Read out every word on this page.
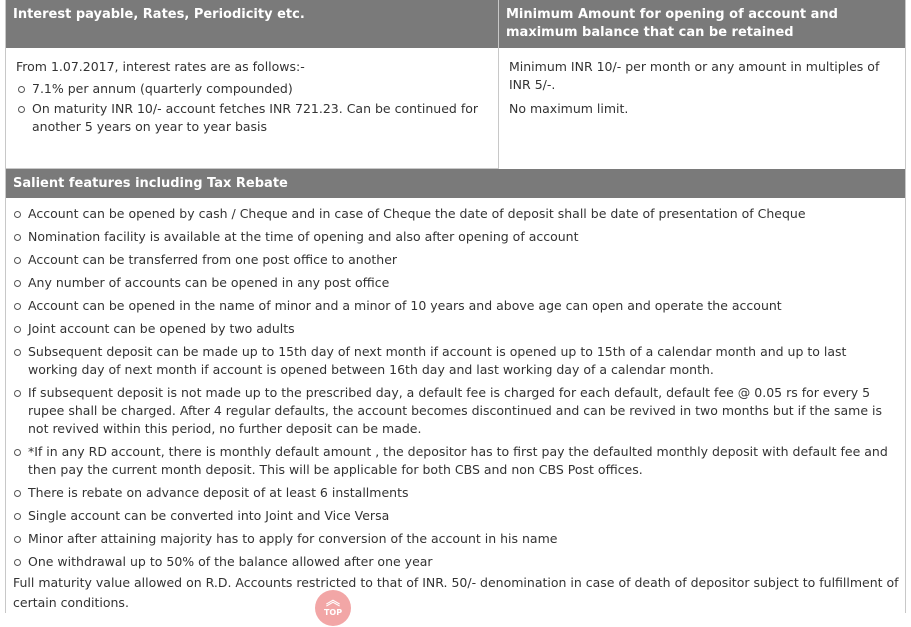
Interest payable, Rates, Periodicity etc.	Minimum Amount for opening of account and maximum balance that can be retained

From 1.07.2017, interest rates are as follows:-

7.1% per annum (quarterly compounded)
On maturity INR 10/- account fetches INR 721.23. Can be continued for another 5 years on year to year basis

Minimum INR 10/- per month or any amount in multiples of INR 5/-.

No maximum limit.

Salient features including Tax Rebate
Account can be opened by cash / Cheque and in case of Cheque the date of deposit shall be date of presentation of Cheque
Nomination facility is available at the time of opening and also after opening of account
Account can be transferred from one post office to another
Any number of accounts can be opened in any post office
Account can be opened in the name of minor and a minor of 10 years and above age can open and operate the account
Joint account can be opened by two adults
Subsequent deposit can be made up to 15th day of next month if account is opened up to 15th of a calendar month and up to last working day of next month if account is opened between 16th day and last working day of a calendar month.
If subsequent deposit is not made up to the prescribed day, a default fee is charged for each default, default fee @ 0.05 rs for every 5 rupee shall be charged. After 4 regular defaults, the account becomes discontinued and can be revived in two months but if the same is not revived within this period, no further deposit can be made.
*If in any RD account, there is monthly default amount , the depositor has to first pay the defaulted monthly deposit with default fee and then pay the current month deposit. This will be applicable for both CBS and non CBS Post offices.
There is rebate on advance deposit of at least 6 installments
Single account can be converted into Joint and Vice Versa
Minor after attaining majority has to apply for conversion of the account in his name
One withdrawal up to 50% of the balance allowed after one year
Full maturity value allowed on R.D. Accounts restricted to that of INR. 50/- denomination in case of death of depositor subject to fulfillment of certain conditions.	︽
TOP
